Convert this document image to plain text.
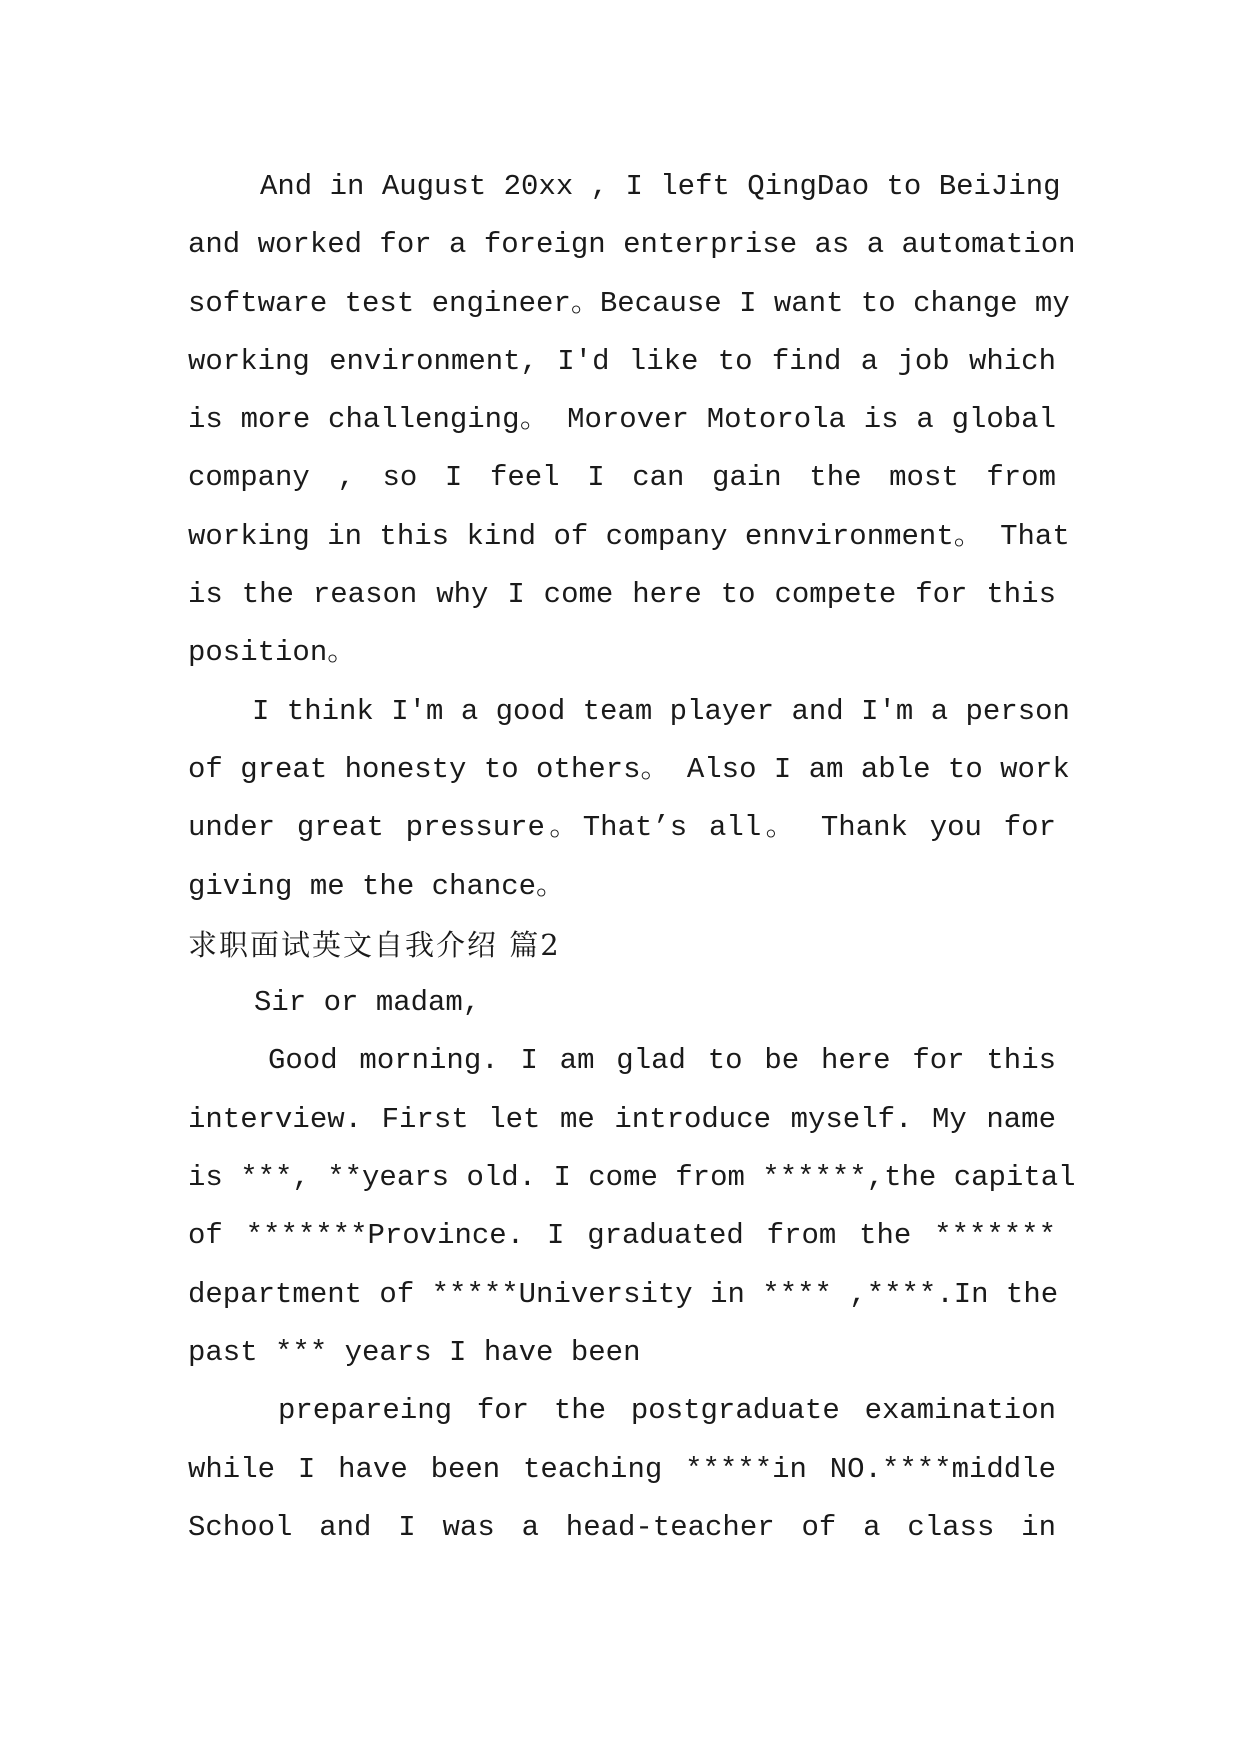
And in August 20xx , I left QingDao to BeiJing
and worked for a foreign enterprise as a automation
software test engineer。Because I want to change my
working environment, I'd like to find a job which
is more challenging。 Morover Motorola is a global
company , so I feel I can gain the most from
working in this kind of company ennvironment。 That
is the reason why I come here to compete for this
position。
I think I'm a good team player and I'm a person
of great honesty to others。 Also I am able to work
under great pressure。That’s all。 Thank you for
giving me the chance。
求职面试英文自我介绍 篇2
Sir or madam,
Good morning. I am glad to be here for this
interview. First let me introduce myself. My name
is ***, **years old. I come from ******,the capital
of *******Province. I graduated from the *******
department of *****University in **** ,****.In the
past *** years I have been
prepareing for the postgraduate examination
while I have been teaching *****in NO.****middle
School and I was a head-teacher of a class in
